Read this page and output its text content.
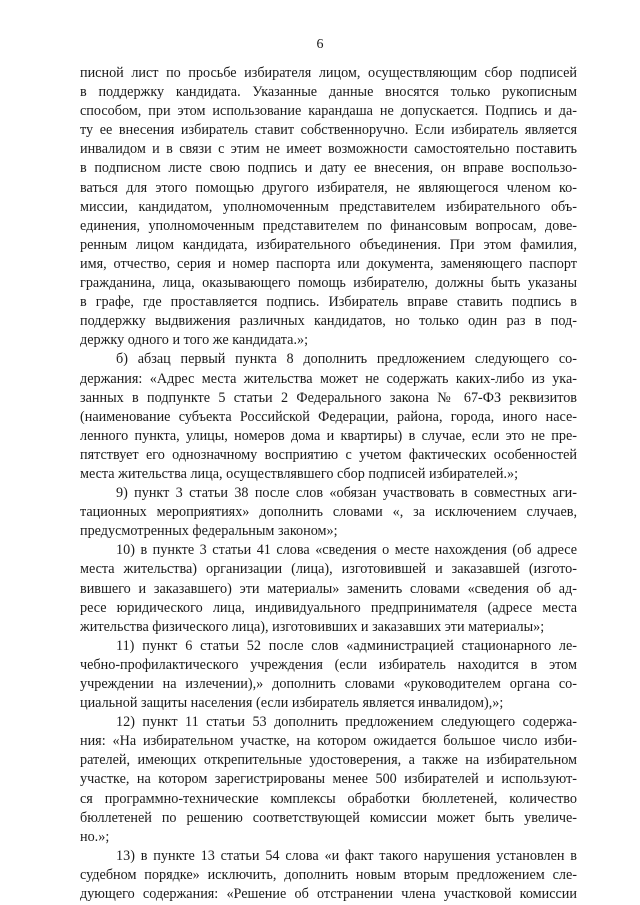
6
писной лист по просьбе избирателя лицом, осуществляющим сбор подписей
в поддержку кандидата. Указанные данные вносятся только рукописным
способом, при этом использование карандаша не допускается. Подпись и да-
ту ее внесения избиратель ставит собственноручно. Если избиратель является
инвалидом и в связи с этим не имеет возможности самостоятельно поставить
в подписном листе свою подпись и дату ее внесения, он вправе воспользо-
ваться для этого помощью другого избирателя, не являющегося членом ко-
миссии, кандидатом, уполномоченным представителем избирательного объ-
единения, уполномоченным представителем по финансовым вопросам, дове-
ренным лицом кандидата, избирательного объединения. При этом фамилия,
имя, отчество, серия и номер паспорта или документа, заменяющего паспорт
гражданина, лица, оказывающего помощь избирателю, должны быть указаны
в графе, где проставляется подпись. Избиратель вправе ставить подпись в
поддержку выдвижения различных кандидатов, но только один раз в под-
держку одного и того же кандидата.»;
б) абзац первый пункта 8 дополнить предложением следующего со-
держания: «Адрес места жительства может не содержать каких-либо из ука-
занных в подпункте 5 статьи 2 Федерального закона № 67-ФЗ реквизитов
(наименование субъекта Российской Федерации, района, города, иного насе-
ленного пункта, улицы, номеров дома и квартиры) в случае, если это не пре-
пятствует его однозначному восприятию с учетом фактических особенностей
места жительства лица, осуществлявшего сбор подписей избирателей.»;
9) пункт 3 статьи 38 после слов «обязан участвовать в совместных аги-
тационных мероприятиях» дополнить словами «, за исключением случаев,
предусмотренных федеральным законом»;
10) в пункте 3 статьи 41 слова «сведения о месте нахождения (об адресе
места жительства) организации (лица), изготовившей и заказавшей (изгото-
вившего и заказавшего) эти материалы» заменить словами «сведения об ад-
ресе юридического лица, индивидуального предпринимателя (адресе места
жительства физического лица), изготовивших и заказавших эти материалы»;
11) пункт 6 статьи 52 после слов «администрацией стационарного ле-
чебно-профилактического учреждения (если избиратель находится в этом
учреждении на излечении),» дополнить словами «руководителем органа со-
циальной защиты населения (если избиратель является инвалидом),»;
12) пункт 11 статьи 53 дополнить предложением следующего содержа-
ния: «На избирательном участке, на котором ожидается большое число изби-
рателей, имеющих открепительные удостоверения, а также на избирательном
участке, на котором зарегистрированы менее 500 избирателей и используют-
ся программно-технические комплексы обработки бюллетеней, количество
бюллетеней по решению соответствующей комиссии может быть увеличе-
но.»;
13) в пункте 13 статьи 54 слова «и факт такого нарушения установлен в
судебном порядке» исключить, дополнить новым вторым предложением сле-
дующего содержания: «Решение об отстранении члена участковой комиссии
